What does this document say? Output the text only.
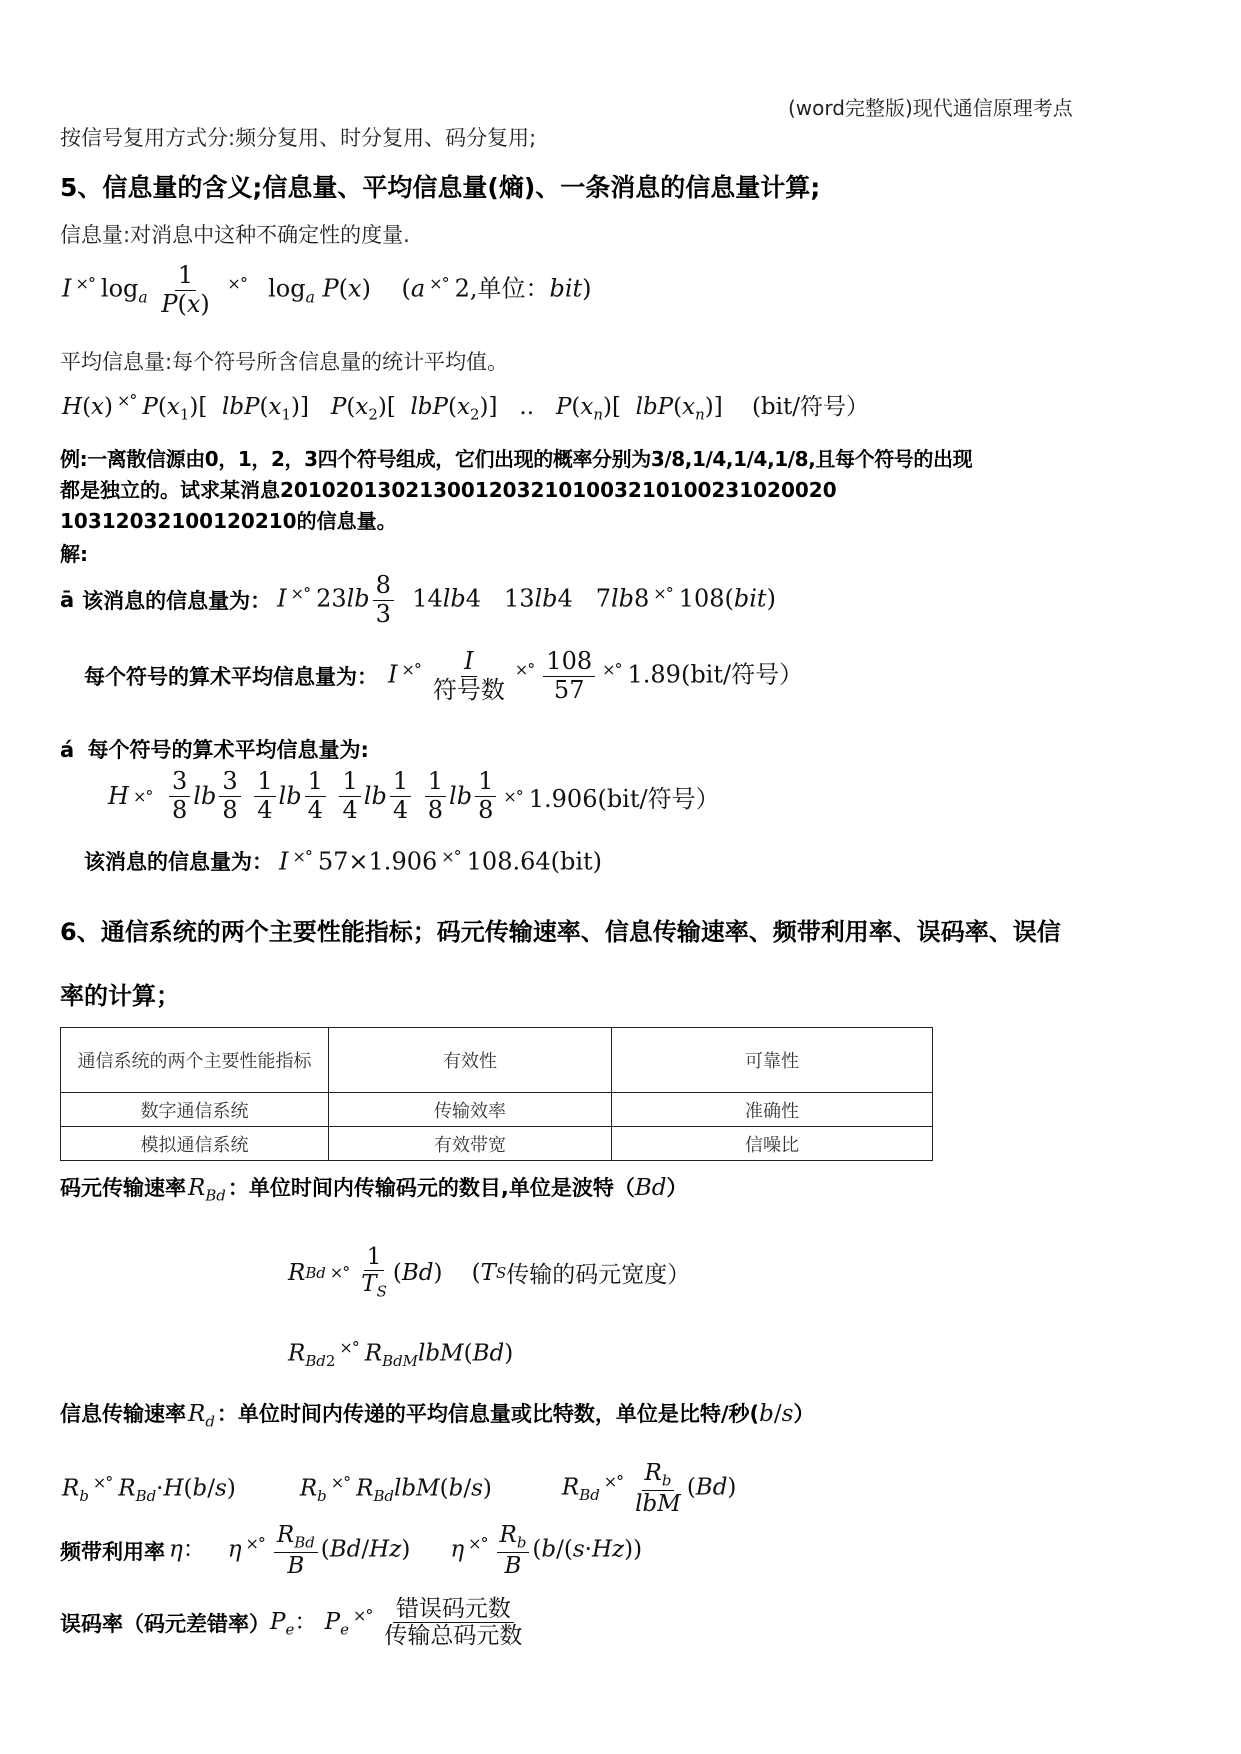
(word完整版)现代通信原理考点
按信号复用方式分:频分复用、时分复用、码分复用;
5、信息量的含义;信息量、平均信息量(熵)、一条消息的信息量计算;
信息量:对消息中这种不确定性的度量.
I ×° $\log_a \frac{1}{P(x)} ^{\times^\circ}$  $\log_a P(x)$    (a ×° 2,单位：bit)
平均信息量:每个符号所含信息量的统计平均值。
H(x) ×° $P(x_1)$[  $lbP(x_1)$]   $P(x_2)$[  $lbP(x_2)$]   ..   $P(x_n)$[  $lbP(x_n)$]    (bit/符号）
例:一离散信源由0，1，2，3四个符号组成，它们出现的概率分别为3/8,1/4,1/4,1/8,且每个符号的出现
都是独立的。试求某消息2010201302130012032101003210100231020020
10312032100120210的信息量。
解:
ā 该消息的信息量为： I ×° $23lb \frac{8}{3} 14lb4$   13lb4   7lb8 ×° 108(bit)
每个符号的算术平均信息量为： I $^{\times^\circ} \frac{I}{\text{符号数}} ^{\times^\circ} \frac{108}{57} ^{\times^\circ}$ 1.89(bit/符号）
á 每个符号的算术平均信息量为:
H ×°
$\frac{3}{8}$ lb $\frac{3}{8}$
$\frac{1}{4}$ lb $\frac{1}{4}$
$\frac{1}{4}$ lb $\frac{1}{4}$
$\frac{1}{8}$ lb $\frac{1}{8}$ ×° 1.906(bit/符号）
该消息的信息量为： I ×° 57×1.906 ×° 108.64(bit)
6、通信系统的两个主要性能指标；码元传输速率、信息传输速率、频带利用率、误码率、误信
率的计算；
通信系统的两个主要性能指标	有效性	可靠性
数字通信系统	传输效率	准确性
模拟通信系统	有效带宽	信噪比
码元传输速率 $R_{Bd}$ ：单位时间内传输码元的数目,单位是波特（ Bd ）
R Bd ×° $\frac{1}{T_S}$ ( Bd )    ( T S 传输的码元宽度）
$R_{Bd2}^{\times^\circ}$ $R_{BdM}lbM(Bd)$
信息传输速率 $R_d$ ：单位时间内传递的平均信息量或比特数，单位是比特/秒( b/s ）
$R_b^{\times^\circ}$ $R_{Bd}\cdot H(b/s)$	$R_b^{\times^\circ}$ $R_{Bd}lbM(b/s)$	$R_{Bd}^{\times^\circ} \frac{R_b}{\text{lbM}} (Bd)$
频带利用率 η：   η $^{\times^\circ} \frac{R_{Bd}}{B} (Bd/Hz)$ η $^{\times^\circ} \frac{R_b}{B} (b/(s\cdot Hz))$
误码率（码元差错率） $P_e$： $P_e^{\times^\circ} \frac{\text{错误码元数}}{\text{传输总码元数}}$
